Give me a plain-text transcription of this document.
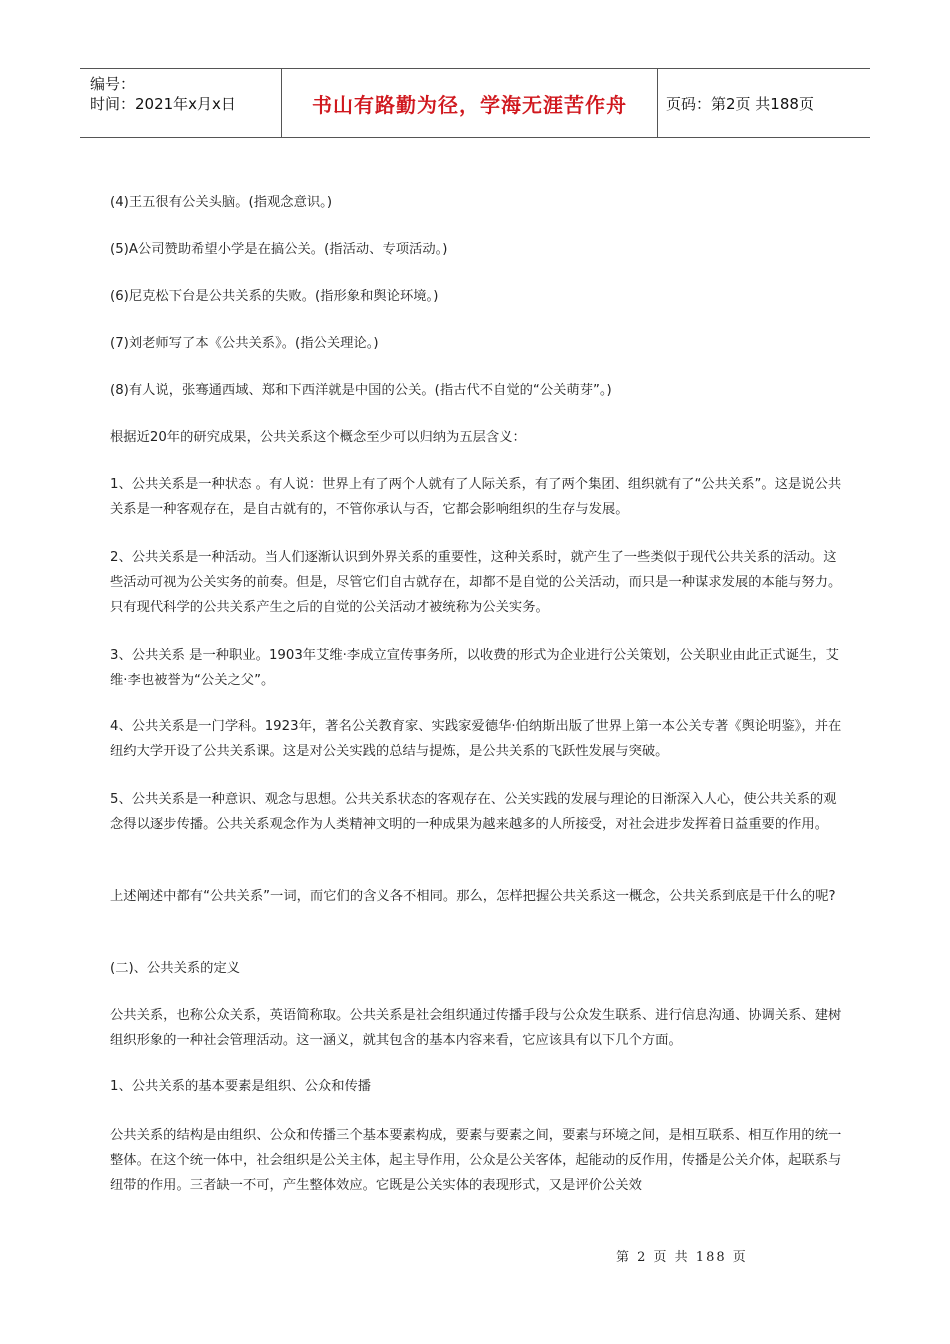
编号：
时间：2021年x月x日	书山有路勤为径，学海无涯苦作舟	页码：第2页 共188页

(4)王五很有公关头脑。(指观念意识。)

(5)A公司赞助希望小学是在搞公关。(指活动、专项活动。)

(6)尼克松下台是公共关系的失败。(指形象和舆论环境。)

(7)刘老师写了本《公共关系》。(指公关理论。)

(8)有人说，张骞通西域、郑和下西洋就是中国的公关。(指古代不自觉的“公关萌芽”。)

根据近20年的研究成果，公共关系这个概念至少可以归纳为五层含义：

1、公共关系是一种状态 。有人说：世界上有了两个人就有了人际关系，有了两个集团、组织就有了“公共关系”。这是说公共关系是一种客观存在，是自古就有的，不管你承认与否，它都会影响组织的生存与发展。

2、公共关系是一种活动。当人们逐渐认识到外界关系的重要性，这种关系时，就产生了一些类似于现代公共关系的活动。这些活动可视为公关实务的前奏。但是，尽管它们自古就存在，却都不是自觉的公关活动，而只是一种谋求发展的本能与努力。只有现代科学的公共关系产生之后的自觉的公关活动才被统称为公关实务。

3、公共关系 是一种职业。1903年艾维·李成立宣传事务所，以收费的形式为企业进行公关策划，公关职业由此正式诞生，艾维·李也被誉为“公关之父”。

4、公共关系是一门学科。1923年，著名公关教育家、实践家爱德华·伯纳斯出版了世界上第一本公关专著《舆论明鉴》，并在纽约大学开设了公共关系课。这是对公关实践的总结与提炼，是公共关系的飞跃性发展与突破。

5、公共关系是一种意识、观念与思想。公共关系状态的客观存在、公关实践的发展与理论的日渐深入人心，使公共关系的观念得以逐步传播。公共关系观念作为人类精神文明的一种成果为越来越多的人所接受，对社会进步发挥着日益重要的作用。

上述阐述中都有“公共关系”一词，而它们的含义各不相同。那么，怎样把握公共关系这一概念，公共关系到底是干什么的呢?

(二)、公共关系的定义

公共关系，也称公众关系，英语简称取。公共关系是社会组织通过传播手段与公众发生联系、进行信息沟通、协调关系、建树组织形象的一种社会管理活动。这一涵义，就其包含的基本内容来看，它应该具有以下几个方面。

1、公共关系的基本要素是组织、公众和传播

公共关系的结构是由组织、公众和传播三个基本要素构成，要素与要素之间，要素与环境之间，是相互联系、相互作用的统一整体。在这个统一体中，社会组织是公关主体，起主导作用，公众是公关客体，起能动的反作用，传播是公关介体，起联系与纽带的作用。三者缺一不可，产生整体效应。它既是公关实体的表现形式，又是评价公关效

第 2 页 共 188 页
